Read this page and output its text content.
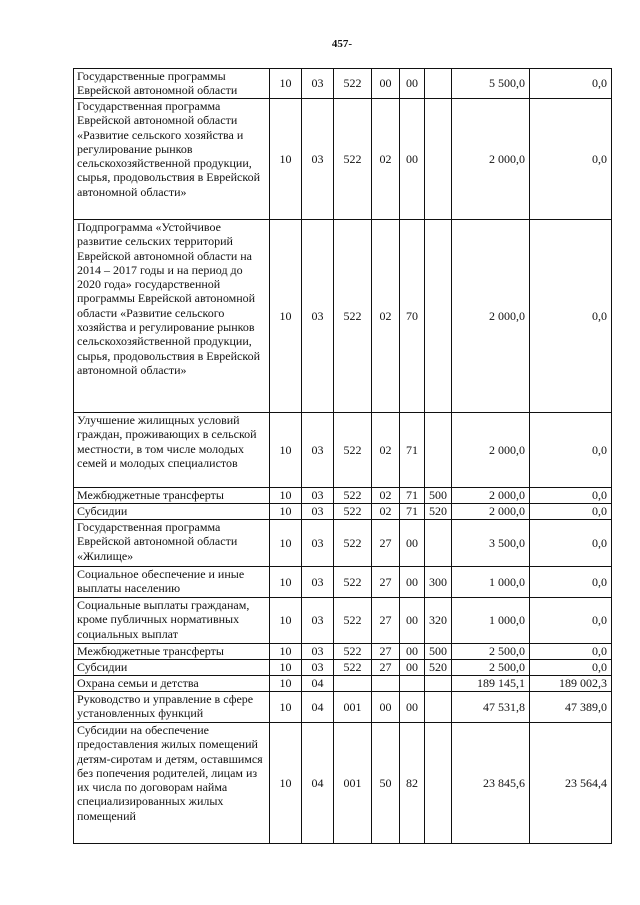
457-
Государственные программы Еврейской автономной области	10	03	522	00	00		5 500,0	0,0
Государственная программа Еврейской автономной области «Развитие сельского хозяйства и регулирование рынков сельскохозяйственной продукции, сырья, продовольствия в Еврейской автономной области»	10	03	522	02	00		2 000,0	0,0
Подпрограмма «Устойчивое развитие сельских территорий Еврейской автономной области на 2014 – 2017 годы и на период до 2020 года» государственной программы Еврейской автономной области «Развитие сельского хозяйства и регулирование рынков сельскохозяйственной продукции, сырья, продовольствия в Еврейской автономной области»	10	03	522	02	70		2 000,0	0,0
Улучшение жилищных условий граждан, проживающих в сельской местности, в том числе молодых семей и молодых специалистов	10	03	522	02	71		2 000,0	0,0
Межбюджетные трансферты	10	03	522	02	71	500	2 000,0	0,0
Субсидии	10	03	522	02	71	520	2 000,0	0,0
Государственная программа Еврейской автономной области «Жилище»	10	03	522	27	00		3 500,0	0,0
Социальное обеспечение и иные выплаты населению	10	03	522	27	00	300	1 000,0	0,0
Социальные выплаты гражданам, кроме публичных нормативных социальных выплат	10	03	522	27	00	320	1 000,0	0,0
Межбюджетные трансферты	10	03	522	27	00	500	2 500,0	0,0
Субсидии	10	03	522	27	00	520	2 500,0	0,0
Охрана семьи и детства	10	04					189 145,1	189 002,3
Руководство и управление в сфере установленных функций	10	04	001	00	00		47 531,8	47 389,0
Субсидии на обеспечение предоставления жилых помещений детям-сиротам и детям, оставшимся без попечения родителей, лицам из их числа по договорам найма специализированных жилых помещений	10	04	001	50	82		23 845,6	23 564,4
